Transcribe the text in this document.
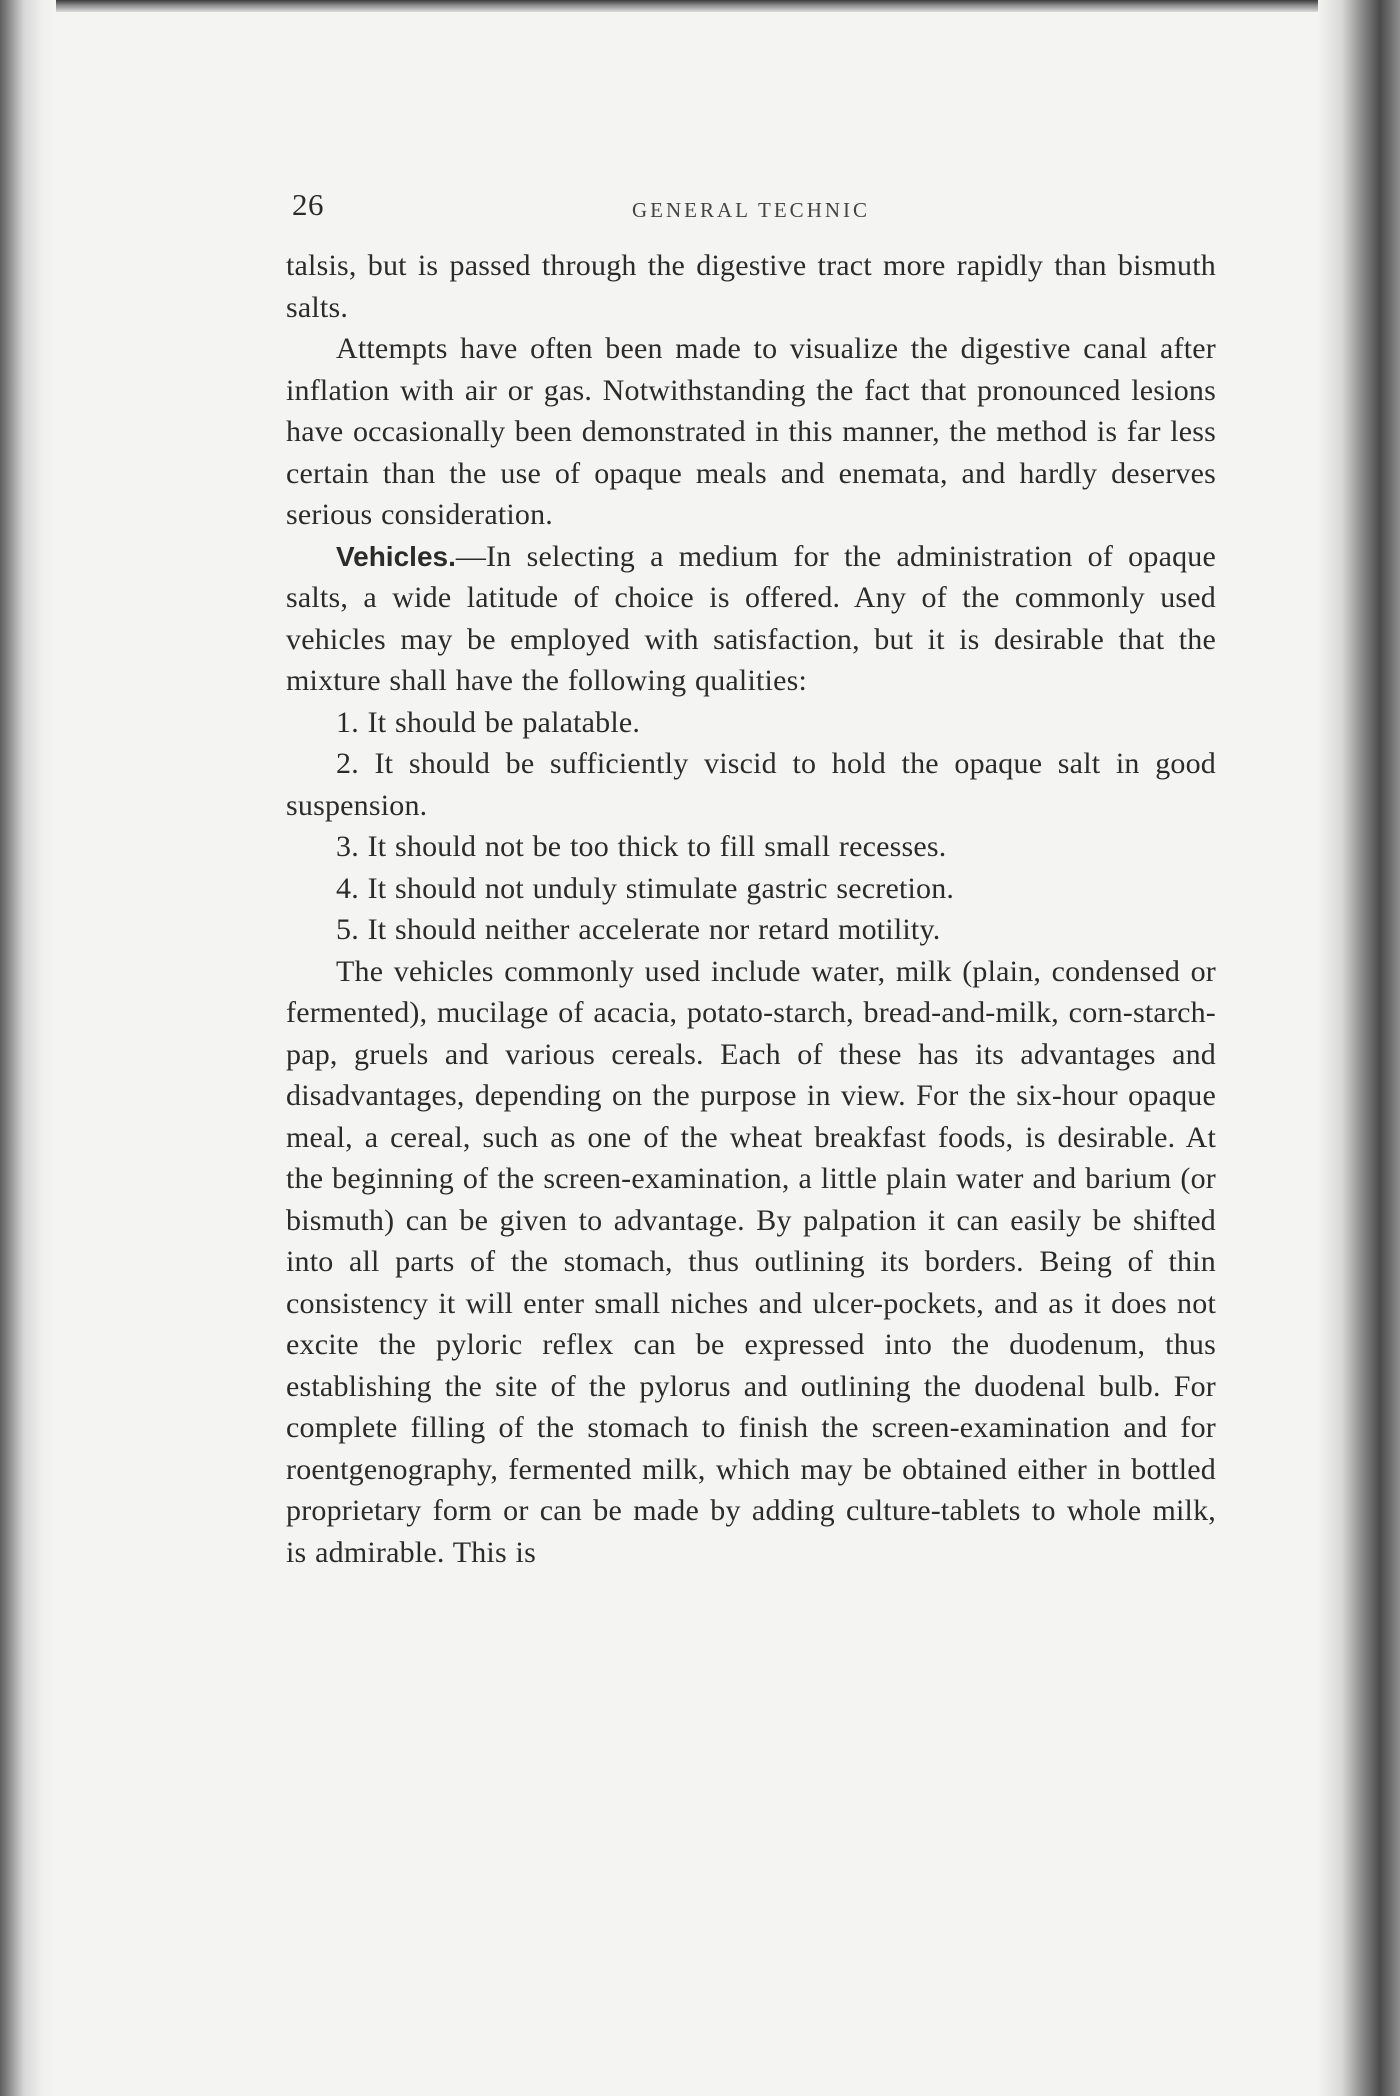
26	GENERAL TECHNIC

talsis, but is passed through the digestive tract more rapidly than bismuth salts.

Attempts have often been made to visualize the digestive canal after inflation with air or gas. Notwithstanding the fact that pronounced lesions have occasionally been demonstrated in this manner, the method is far less certain than the use of opaque meals and enemata, and hardly deserves serious consideration.

Vehicles.—In selecting a medium for the administration of opaque salts, a wide latitude of choice is offered. Any of the commonly used vehicles may be employed with satisfaction, but it is desirable that the mixture shall have the following qualities:

1. It should be palatable.

2. It should be sufficiently viscid to hold the opaque salt in good suspension.

3. It should not be too thick to fill small recesses.

4. It should not unduly stimulate gastric secretion.

5. It should neither accelerate nor retard motility.

The vehicles commonly used include water, milk (plain, condensed or fermented), mucilage of acacia, potato-starch, bread-and-milk, corn-starch-pap, gruels and various cereals. Each of these has its advantages and disadvantages, depending on the purpose in view. For the six-hour opaque meal, a cereal, such as one of the wheat breakfast foods, is desirable. At the beginning of the screen-examination, a little plain water and barium (or bismuth) can be given to advantage. By palpation it can easily be shifted into all parts of the stomach, thus outlining its borders. Being of thin consistency it will enter small niches and ulcer-pockets, and as it does not excite the pyloric reflex can be expressed into the duodenum, thus establishing the site of the pylorus and outlining the duodenal bulb. For complete filling of the stomach to finish the screen-examination and for roentgenography, fermented milk, which may be obtained either in bottled proprietary form or can be made by adding culture-tablets to whole milk, is admirable. This is
